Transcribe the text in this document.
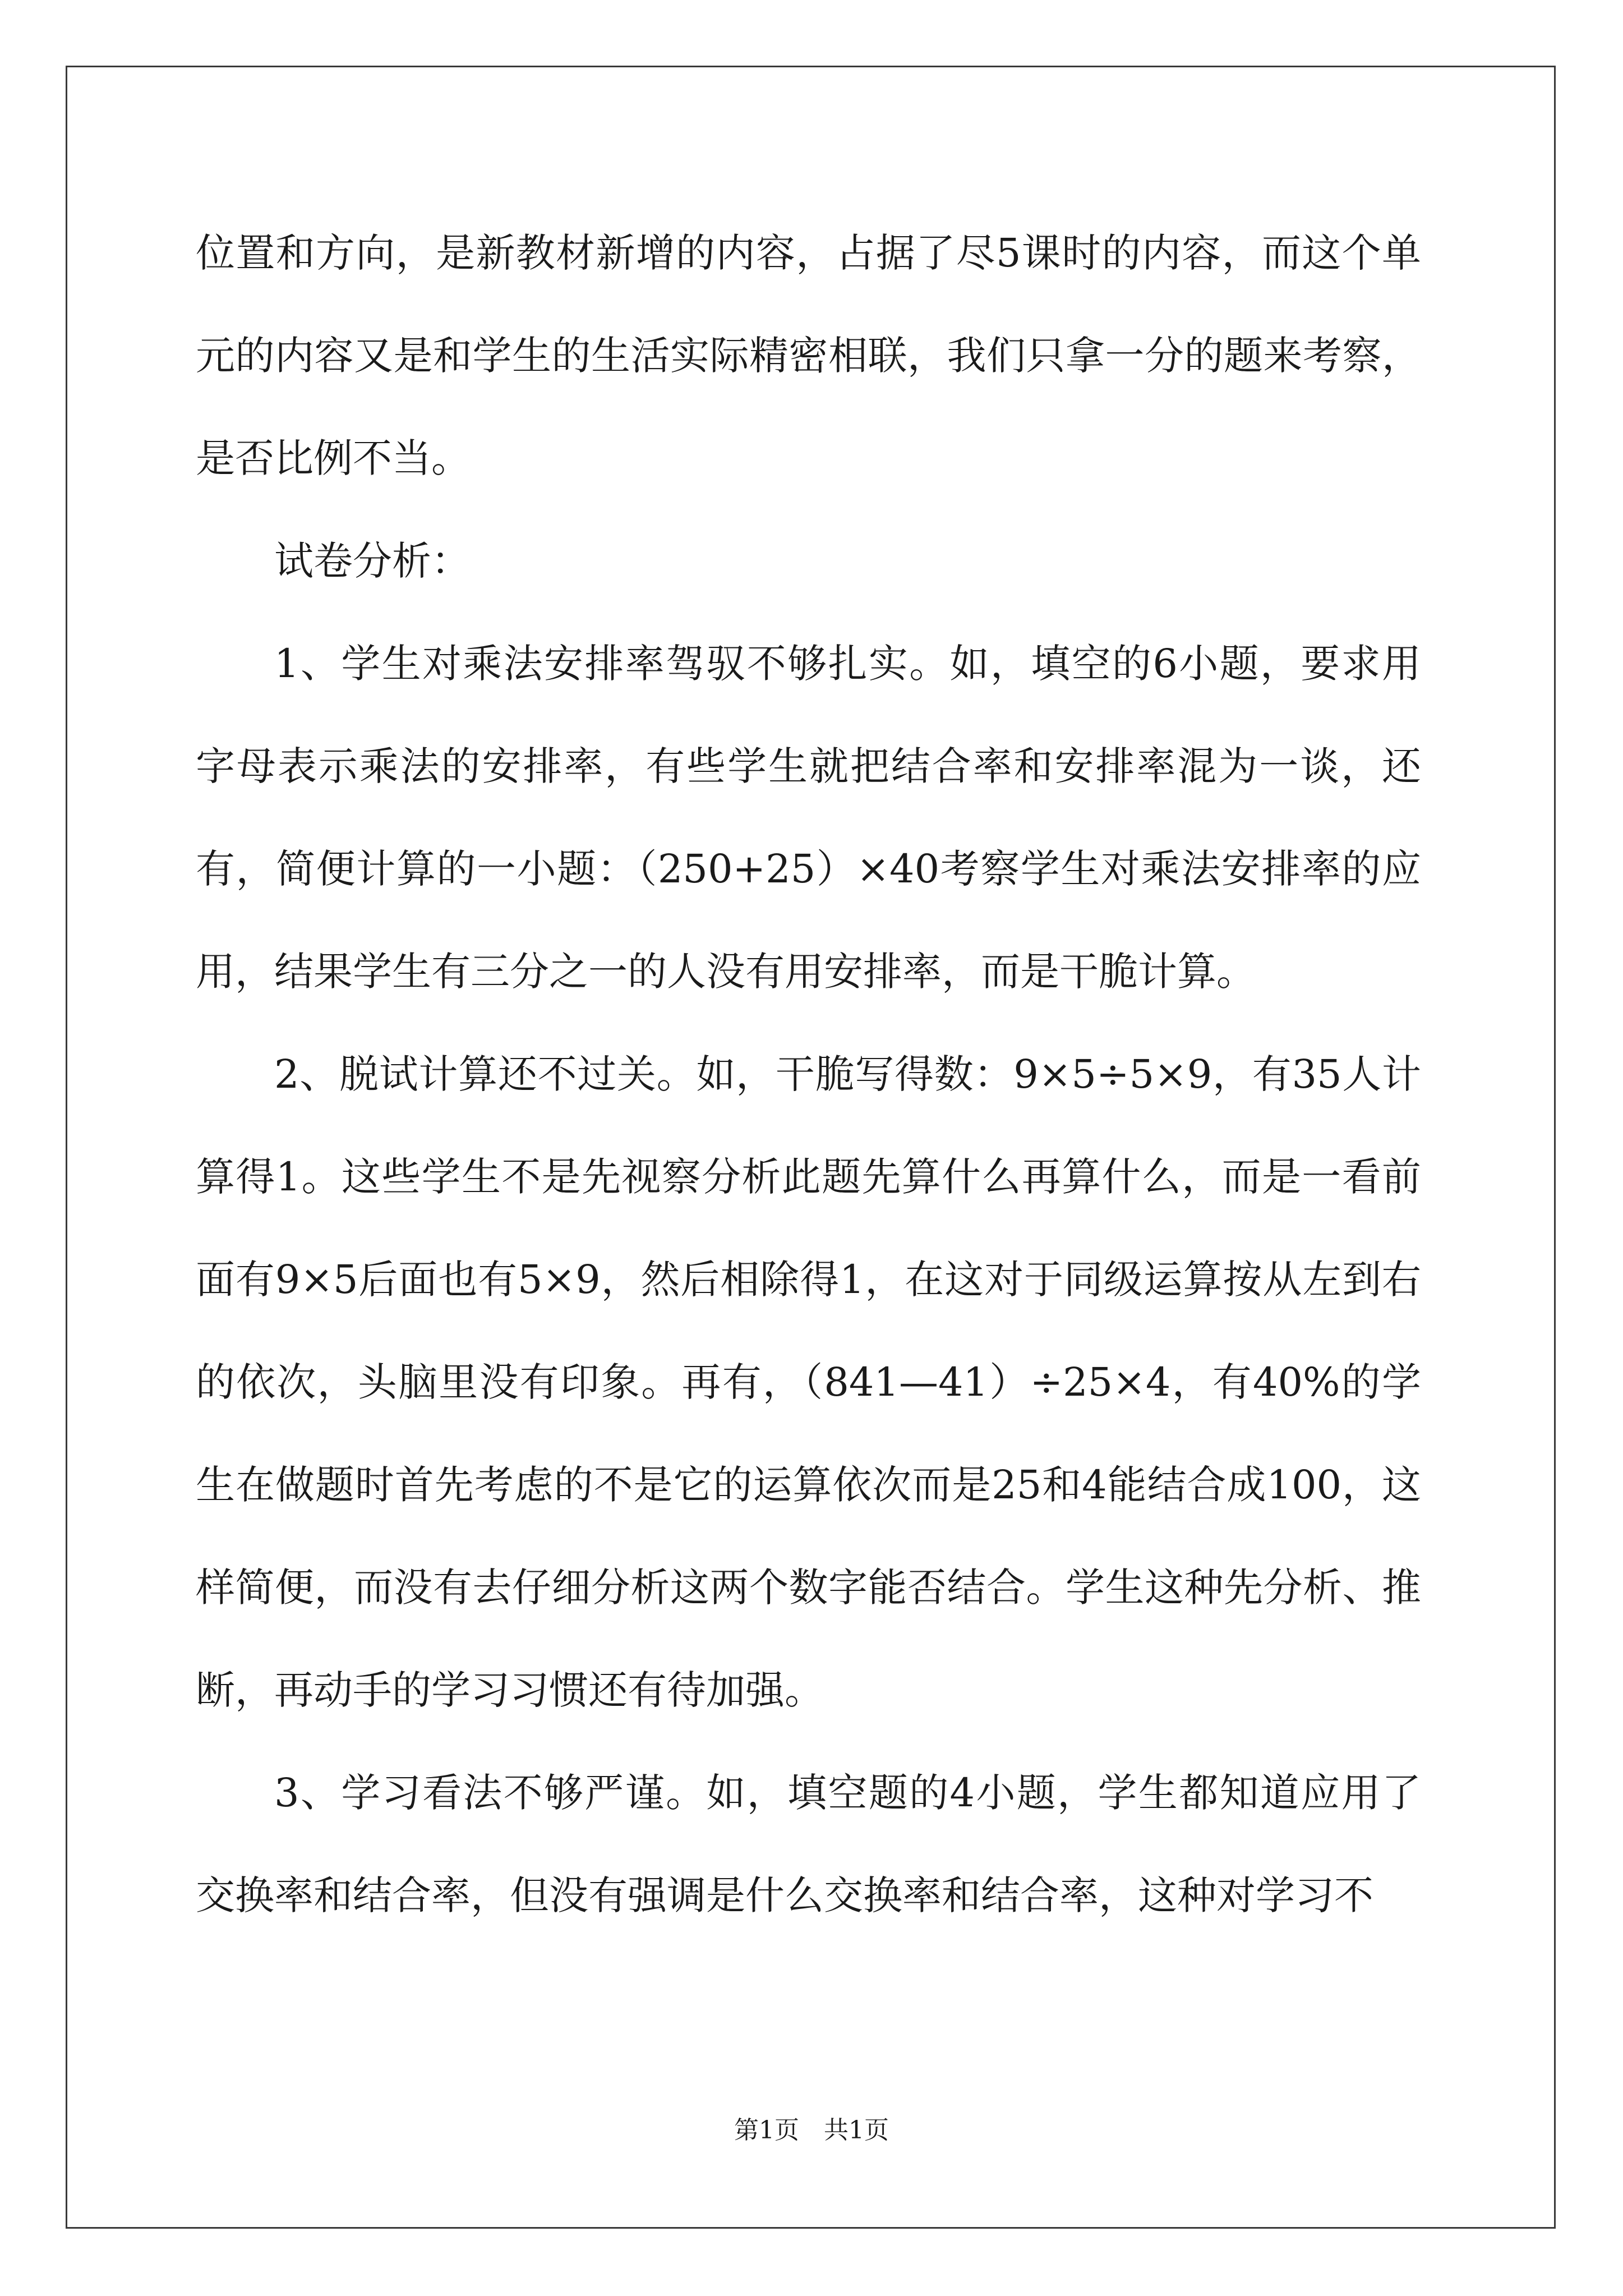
位置和方向，是新教材新增的内容，占据了尽5课时的内容，而这个单元的内容又是和学生的生活实际精密相联，我们只拿一分的题来考察，是否比例不当。

试卷分析：

1、学生对乘法安排率驾驭不够扎实。如，填空的6小题，要求用字母表示乘法的安排率，有些学生就把结合率和安排率混为一谈，还有，简便计算的一小题：（250+25）×40考察学生对乘法安排率的应用，结果学生有三分之一的人没有用安排率，而是干脆计算。

2、脱试计算还不过关。如，干脆写得数：9×5÷5×9，有35人计算得1。这些学生不是先视察分析此题先算什么再算什么，而是一看前面有9×5后面也有5×9，然后相除得1，在这对于同级运算按从左到右的依次，头脑里没有印象。再有，（841—41）÷25×4，有40%的学生在做题时首先考虑的不是它的运算依次而是25和4能结合成100，这样简便，而没有去仔细分析这两个数字能否结合。学生这种先分析、推断，再动手的学习习惯还有待加强。

3、学习看法不够严谨。如，填空题的4小题，学生都知道应用了交换率和结合率，但没有强调是什么交换率和结合率，这种对学习不

第1页　共1页
